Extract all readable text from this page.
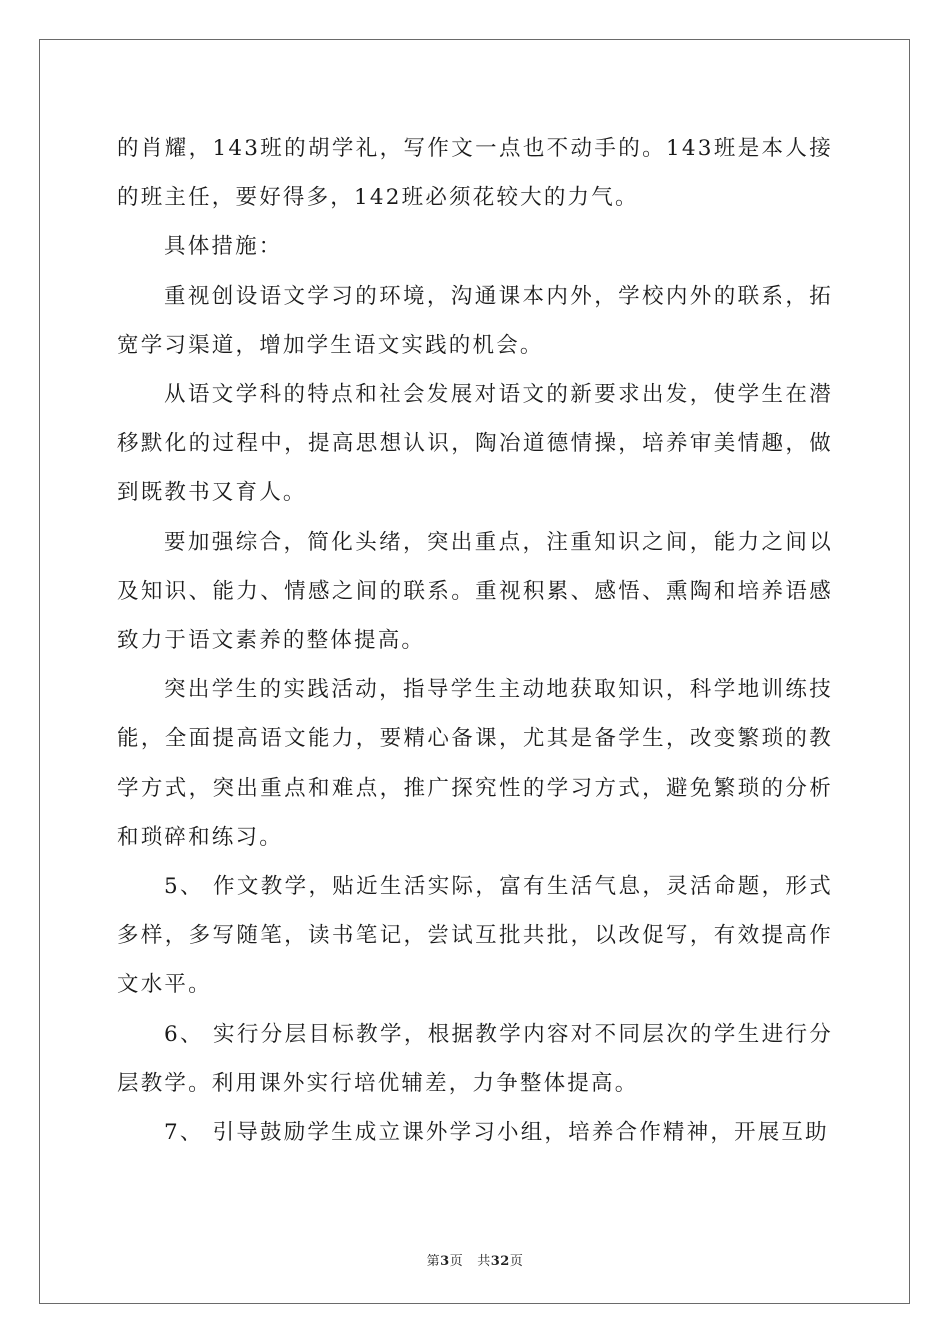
的肖耀，143班的胡学礼，写作文一点也不动手的。143班是本人接的班主任，要好得多，142班必须花较大的力气。

具体措施：

重视创设语文学习的环境，沟通课本内外，学校内外的联系，拓宽学习渠道，增加学生语文实践的机会。

从语文学科的特点和社会发展对语文的新要求出发，使学生在潜移默化的过程中，提高思想认识，陶冶道德情操，培养审美情趣，做到既教书又育人。

要加强综合，简化头绪，突出重点，注重知识之间，能力之间以及知识、能力、情感之间的联系。重视积累、感悟、熏陶和培养语感致力于语文素养的整体提高。

突出学生的实践活动，指导学生主动地获取知识，科学地训练技能，全面提高语文能力，要精心备课，尤其是备学生，改变繁琐的教学方式，突出重点和难点，推广探究性的学习方式，避免繁琐的分析和琐碎和练习。

5、 作文教学，贴近生活实际，富有生活气息，灵活命题，形式多样，多写随笔，读书笔记，尝试互批共批，以改促写，有效提高作文水平。

6、 实行分层目标教学，根据教学内容对不同层次的学生进行分层教学。利用课外实行培优辅差，力争整体提高。

7、 引导鼓励学生成立课外学习小组，培养合作精神，开展互助

第3页 共32页
